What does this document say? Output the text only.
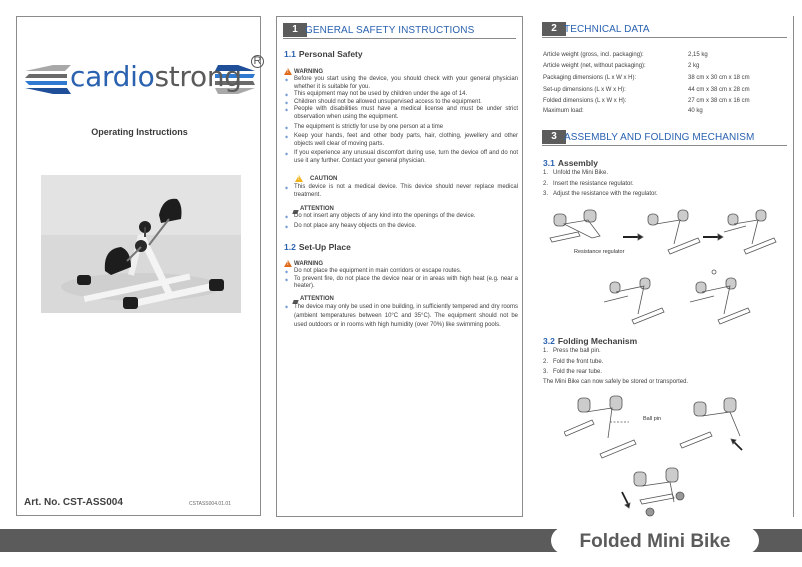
cardiostrong R
Operating Instructions
Art. No. CST-ASS004	CSTASS004.01.01
1 GENERAL SAFETY INSTRUCTIONS
1.1 Personal Safety
!
WARNING
◆ Before you start using the device, you should check with your general physician whether it is suitable for you.
◆ This equipment may not be used by children under the age of 14.
◆ Children should not be allowed unsupervised access to the equipment.
◆ People with disabilities must have a medical license and must be under strict observation when using the equipment.
◆ The equipment is strictly for use by one person at a time
◆ Keep your hands, feet and other body parts, hair, clothing, jewellery and other objects well clear of moving parts.
◆ If you experience any unusual discomfort during use, turn the device off and do not use it any further. Contact your general physician.
!
CAUTION
◆ This device is not a medical device. This device should never replace medical treatment.
ATTENTION
◆ Do not insert any objects of any kind into the openings of the device.
◆ Do not place any heavy objects on the device.
1.2 Set-Up Place
!
WARNING
◆ Do not place the equipment in main corridors or escape routes.
◆ To prevent fire, do not place the device near or in areas with high heat (e.g. near a heater).
ATTENTION
◆ The device may only be used in one building, in sufficiently tempered and dry rooms (ambient temperatures between 10°C and 35°C). The equipment should not be used outdoors or in rooms with high humidity (over 70%) like swimming pools.
2 TECHNICAL DATA
Article weight (gross, incl. packaging):	2,15 kg
Article weight (net, without packaging):	2 kg
Packaging dimensions (L x W x H):	38 cm x 30 cm x 18 cm
Set-up dimensions (L x W x H):	44 cm x 38 cm x 28 cm
Folded dimensions (L x W x H):	27 cm x 38 cm x 16 cm
Maximum load:	40 kg
3 ASSEMBLY AND FOLDING MECHANISM
3.1 Assembly
1. Unfold the Mini Bike.
2. Insert the resistance regulator.
3. Adjust the resistance with the regulator.
Resistance regulator
3.2 Folding Mechanism
1. Press the ball pin.
2. Fold the front tube.
3. Fold the rear tube.
The Mini Bike can now safely be stored or transported.
Ball pin
Folded Mini Bike
